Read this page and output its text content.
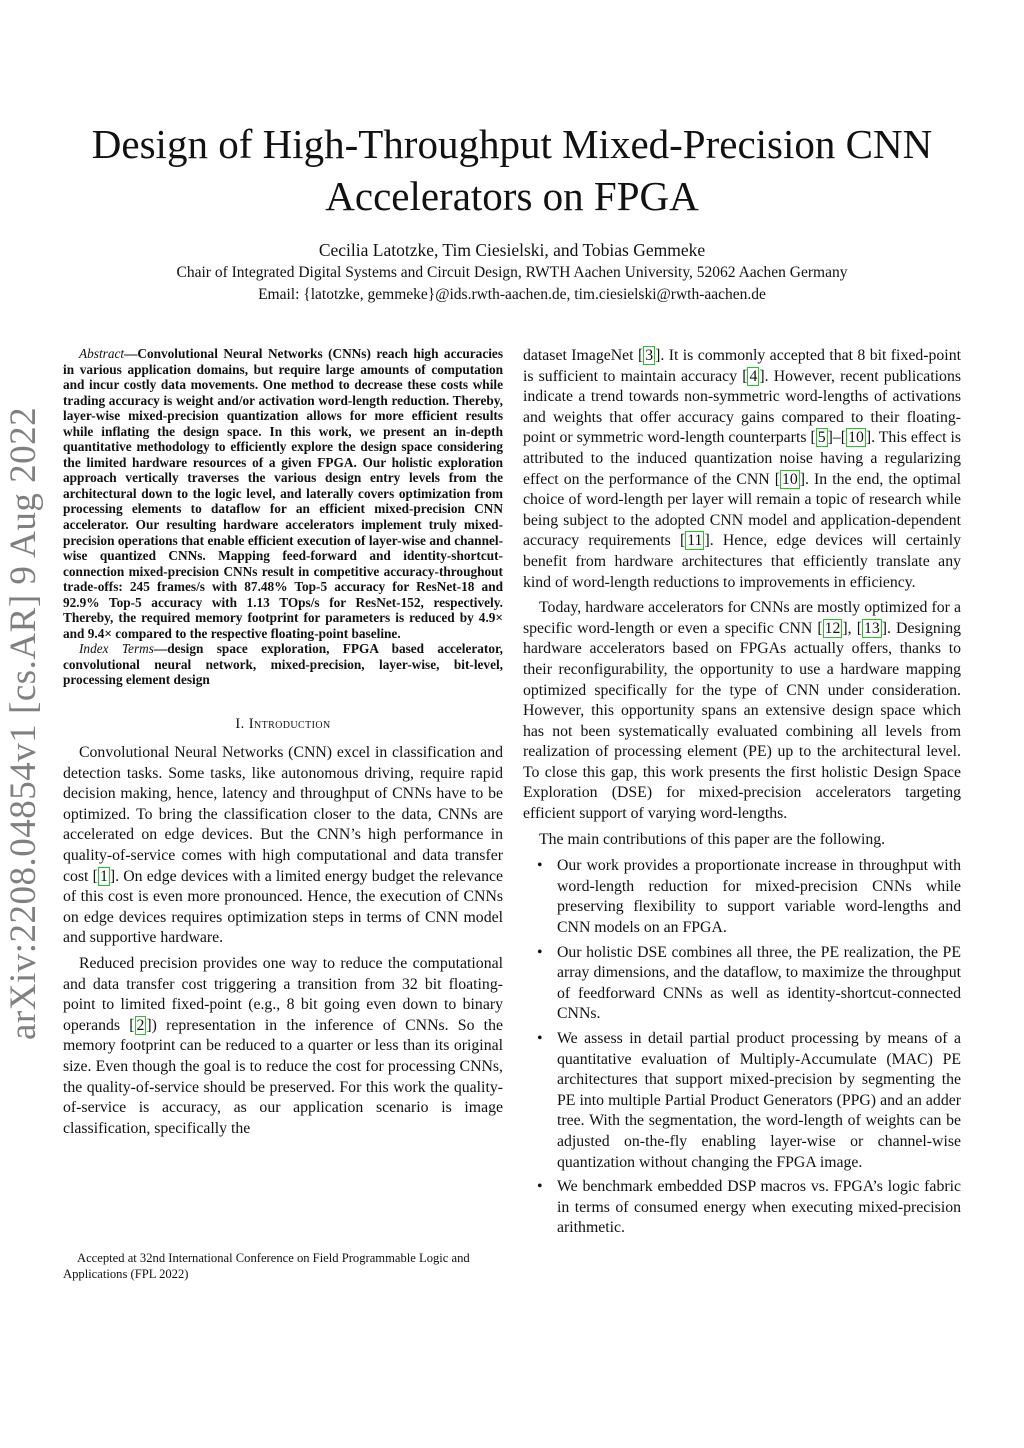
arXiv:2208.04854v1 [cs.AR] 9 Aug 2022
Design of High-Throughput Mixed-Precision CNN
Accelerators on FPGA
Cecilia Latotzke, Tim Ciesielski, and Tobias Gemmeke
Chair of Integrated Digital Systems and Circuit Design, RWTH Aachen University, 52062 Aachen Germany
Email: {latotzke, gemmeke}@ids.rwth-aachen.de, tim.ciesielski@rwth-aachen.de

Abstract—Convolutional Neural Networks (CNNs) reach high accuracies in various application domains, but require large amounts of computation and incur costly data movements. One method to decrease these costs while trading accuracy is weight and/or activation word-length reduction. Thereby, layer-wise mixed-precision quantization allows for more efficient results while inflating the design space. In this work, we present an in-depth quantitative methodology to efficiently explore the design space considering the limited hardware resources of a given FPGA. Our holistic exploration approach vertically traverses the various design entry levels from the architectural down to the logic level, and laterally covers optimization from processing elements to dataflow for an efficient mixed-precision CNN accelerator. Our resulting hardware accelerators implement truly mixed-precision operations that enable efficient execution of layer-wise and channel-wise quantized CNNs. Mapping feed-forward and identity-shortcut-connection mixed-precision CNNs result in competitive accuracy-throughout trade-offs: 245 frames/s with 87.48% Top-5 accuracy for ResNet-18 and 92.9% Top-5 accuracy with 1.13 TOps/s for ResNet-152, respectively. Thereby, the required memory footprint for parameters is reduced by 4.9× and 9.4× compared to the respective floating-point baseline.

Index Terms—design space exploration, FPGA based accelerator, convolutional neural network, mixed-precision, layer-wise, bit-level, processing element design

I. Introduction

Convolutional Neural Networks (CNN) excel in classification and detection tasks. Some tasks, like autonomous driving, require rapid decision making, hence, latency and throughput of CNNs have to be optimized. To bring the classification closer to the data, CNNs are accelerated on edge devices. But the CNN’s high performance in quality-of-service comes with high computational and data transfer cost [ 1 ]. On edge devices with a limited energy budget the relevance of this cost is even more pronounced. Hence, the execution of CNNs on edge devices requires optimization steps in terms of CNN model and supportive hardware.

Reduced precision provides one way to reduce the computational and data transfer cost triggering a transition from 32 bit floating-point to limited fixed-point (e.g., 8 bit going even down to binary operands [ 2 ]) representation in the inference of CNNs. So the memory footprint can be reduced to a quarter or less than its original size. Even though the goal is to reduce the cost for processing CNNs, the quality-of-service should be preserved. For this work the quality-of-service is accuracy, as our application scenario is image classification, specifically the

Accepted at 32nd International Conference on Field Programmable Logic and Applications (FPL 2022)

dataset ImageNet [ 3 ]. It is commonly accepted that 8 bit fixed-point is sufficient to maintain accuracy [ 4 ]. However, recent publications indicate a trend towards non-symmetric word-lengths of activations and weights that offer accuracy gains compared to their floating-point or symmetric word-length counterparts [ 5 ]–[ 10 ]. This effect is attributed to the induced quantization noise having a regularizing effect on the performance of the CNN [ 10 ]. In the end, the optimal choice of word-length per layer will remain a topic of research while being subject to the adopted CNN model and application-dependent accuracy requirements [ 11 ]. Hence, edge devices will certainly benefit from hardware architectures that efficiently translate any kind of word-length reductions to improvements in efficiency.

Today, hardware accelerators for CNNs are mostly optimized for a specific word-length or even a specific CNN [ 12 ], [ 13 ]. Designing hardware accelerators based on FPGAs actually offers, thanks to their reconfigurability, the opportunity to use a hardware mapping optimized specifically for the type of CNN under consideration. However, this opportunity spans an extensive design space which has not been systematically evaluated combining all levels from realization of processing element (PE) up to the architectural level. To close this gap, this work presents the first holistic Design Space Exploration (DSE) for mixed-precision accelerators targeting efficient support of varying word-lengths.

The main contributions of this paper are the following.

• Our work provides a proportionate increase in throughput with word-length reduction for mixed-precision CNNs while preserving flexibility to support variable word-lengths and CNN models on an FPGA.
• Our holistic DSE combines all three, the PE realization, the PE array dimensions, and the dataflow, to maximize the throughput of feedforward CNNs as well as identity-shortcut-connected CNNs.
• We assess in detail partial product processing by means of a quantitative evaluation of Multiply-Accumulate (MAC) PE architectures that support mixed-precision by segmenting the PE into multiple Partial Product Generators (PPG) and an adder tree. With the segmentation, the word-length of weights can be adjusted on-the-fly enabling layer-wise or channel-wise quantization without changing the FPGA image.
• We benchmark embedded DSP macros vs. FPGA’s logic fabric in terms of consumed energy when executing mixed-precision arithmetic.
